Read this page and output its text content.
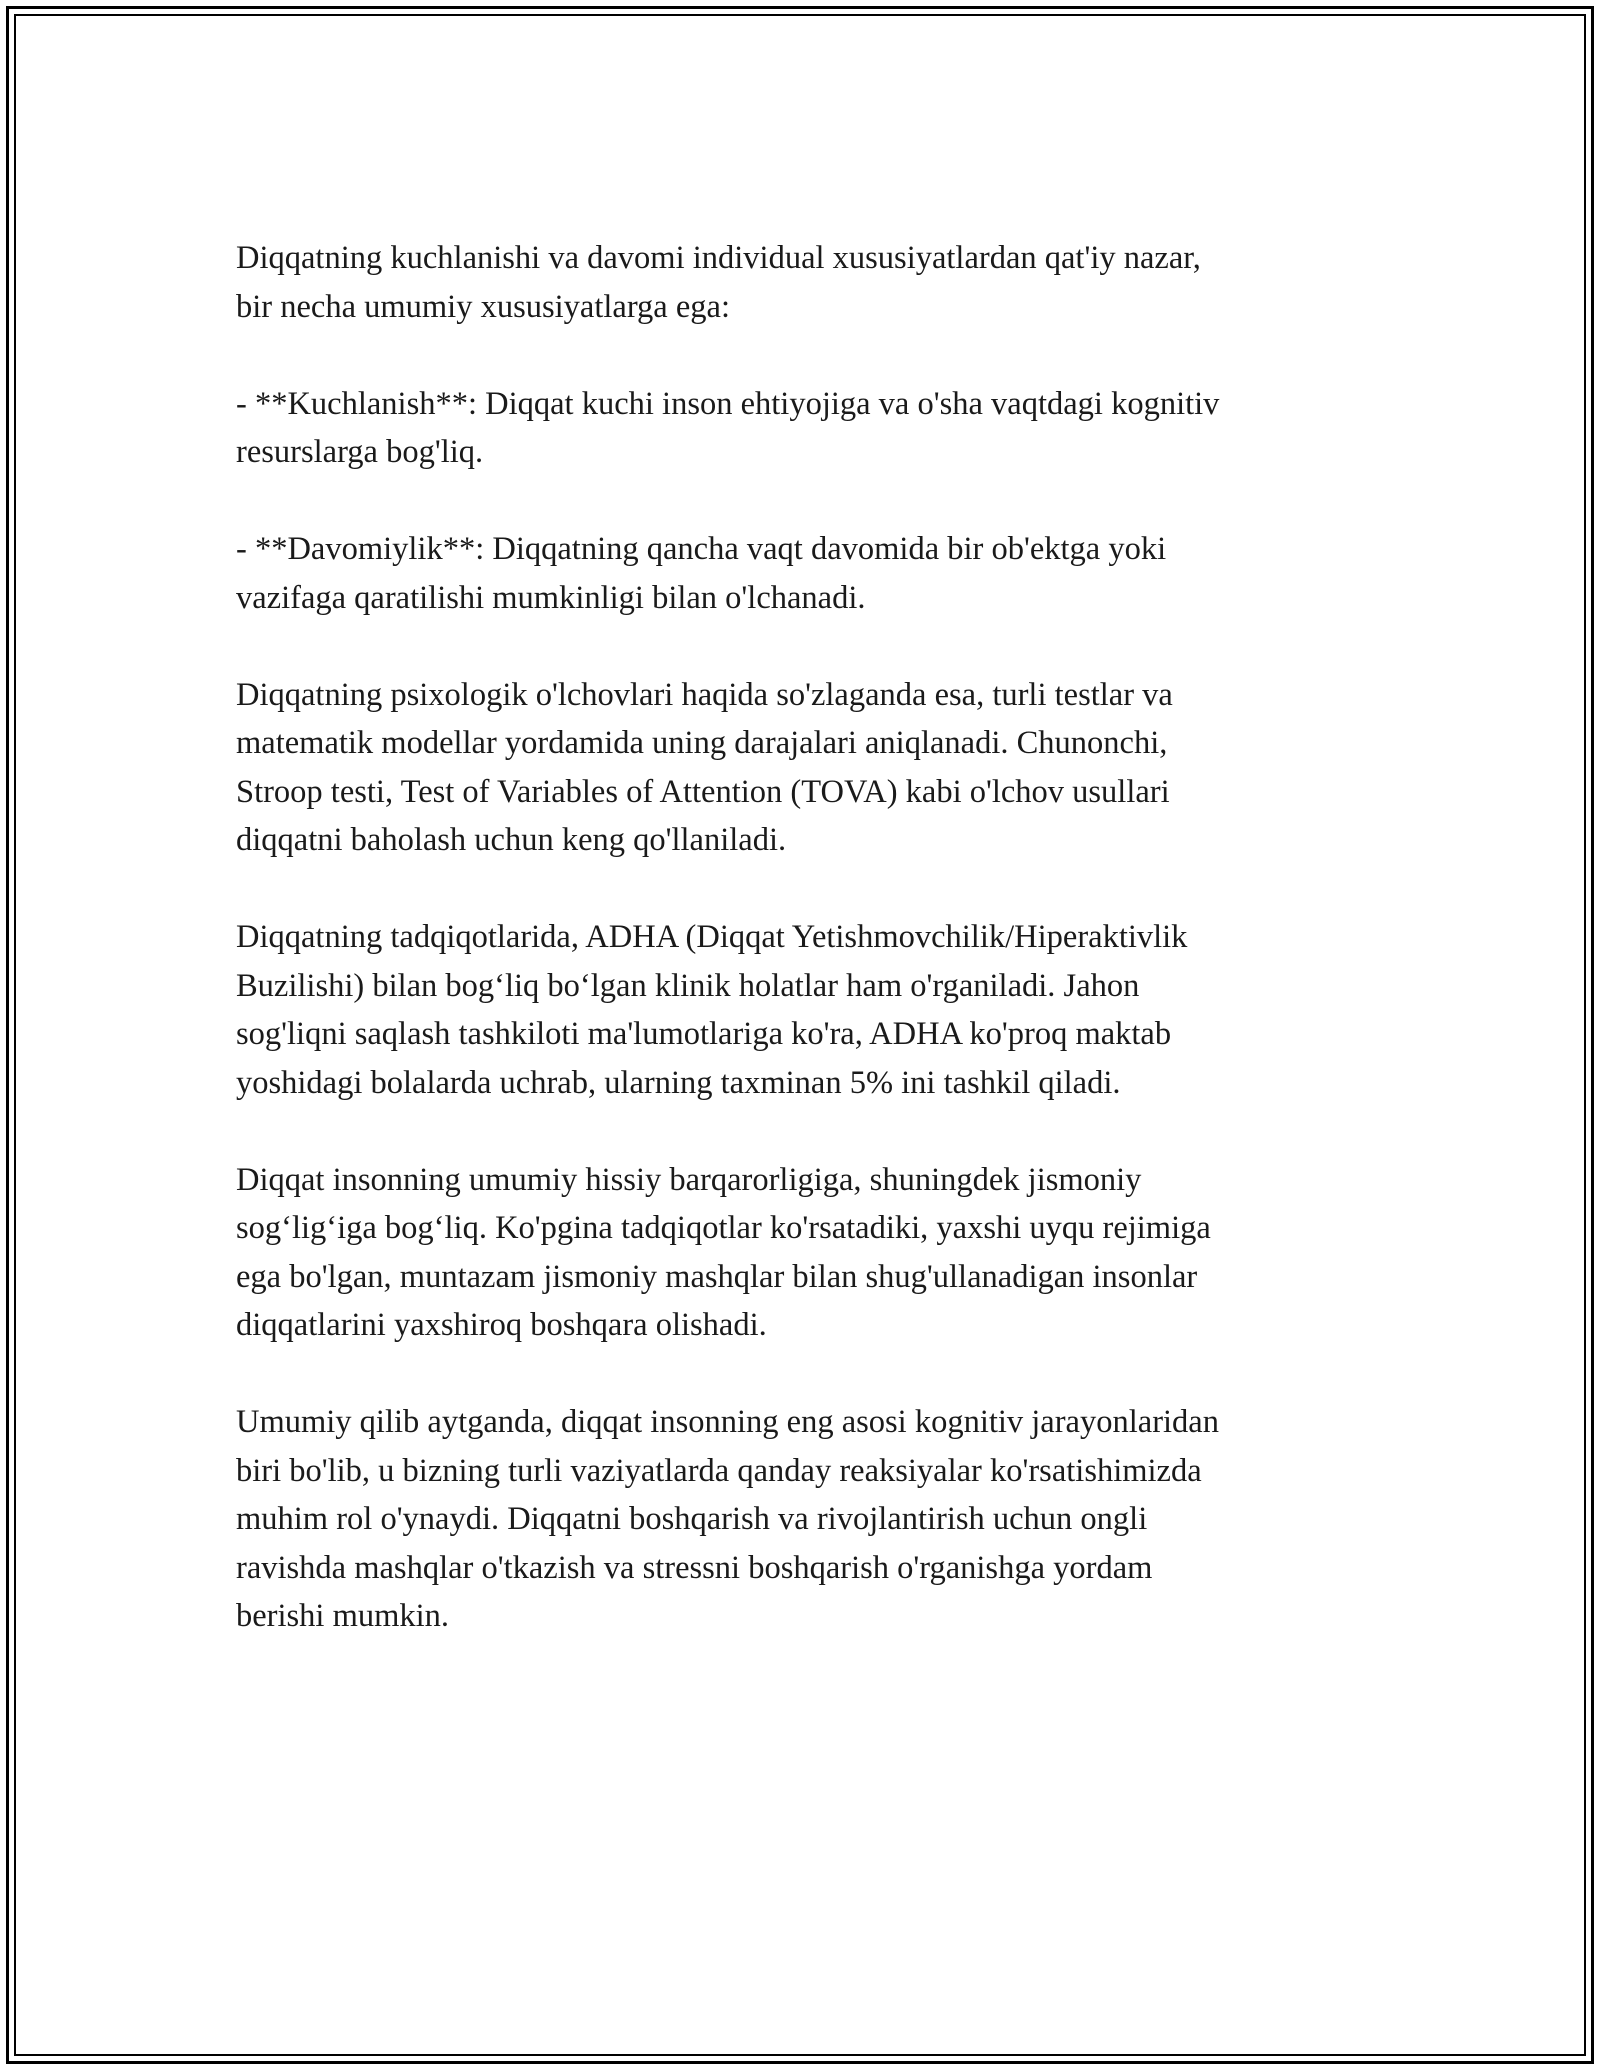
Diqqatning kuchlanishi va davomi individual xususiyatlardan qat'iy nazar,
bir necha umumiy xususiyatlarga ega:

- **Kuchlanish**: Diqqat kuchi inson ehtiyojiga va o'sha vaqtdagi kognitiv
resurslarga bog'liq.

- **Davomiylik**: Diqqatning qancha vaqt davomida bir ob'ektga yoki
vazifaga qaratilishi mumkinligi bilan o'lchanadi.

Diqqatning psixologik o'lchovlari haqida so'zlaganda esa, turli testlar va
matematik modellar yordamida uning darajalari aniqlanadi. Chunonchi,
Stroop testi, Test of Variables of Attention (TOVA) kabi o'lchov usullari
diqqatni baholash uchun keng qo'llaniladi.

Diqqatning tadqiqotlarida, ADHA (Diqqat Yetishmovchilik/Hiperaktivlik
Buzilishi) bilan bog‘liq bo‘lgan klinik holatlar ham o'rganiladi. Jahon
sog'liqni saqlash tashkiloti ma'lumotlariga ko'ra, ADHA ko'proq maktab
yoshidagi bolalarda uchrab, ularning taxminan 5% ini tashkil qiladi.

Diqqat insonning umumiy hissiy barqarorligiga, shuningdek jismoniy
sog‘lig‘iga bog‘liq. Ko'pgina tadqiqotlar ko'rsatadiki, yaxshi uyqu rejimiga
ega bo'lgan, muntazam jismoniy mashqlar bilan shug'ullanadigan insonlar
diqqatlarini yaxshiroq boshqara olishadi.

Umumiy qilib aytganda, diqqat insonning eng asosi kognitiv jarayonlaridan
biri bo'lib, u bizning turli vaziyatlarda qanday reaksiyalar ko'rsatishimizda
muhim rol o'ynaydi. Diqqatni boshqarish va rivojlantirish uchun ongli
ravishda mashqlar o'tkazish va stressni boshqarish o'rganishga yordam
berishi mumkin.
